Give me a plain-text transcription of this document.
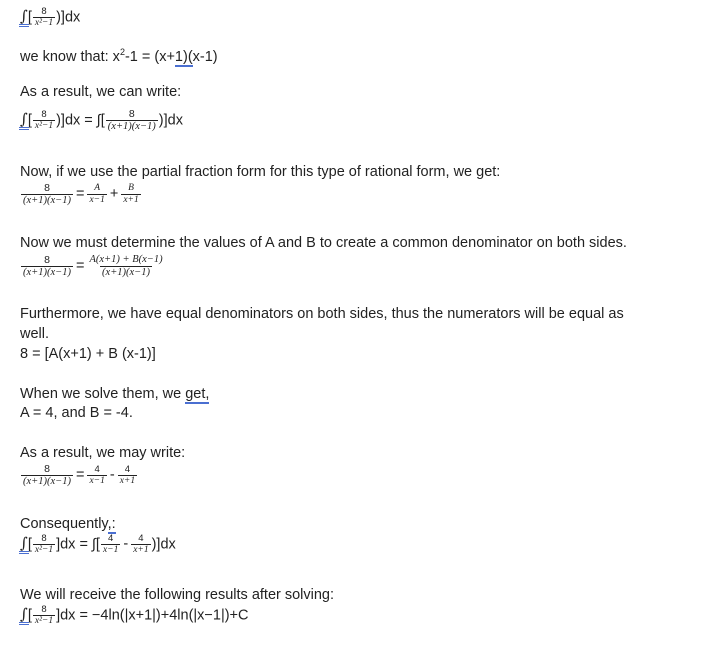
∫[ $\frac{8}{\text{x²−1}} )]dx$
we know that: $x^2-1 = (x+1)(x-1)$
As a result, we can write:
∫[ $\frac{8}{\text{x²−1}} )]dx$ = ∫[ $\frac{8}{(x+1)(x-1)} )]dx$
Now, if we use the partial fraction form for this type of rational form, we get:
$\frac{8}{(x+1)(x-1)} = \frac{A}{x-1} + \frac{B}{x+1}$
Now we must determine the values of A and B to create a common denominator on both sides.
$\frac{8}{(x+1)(x-1)} = \frac{A(x+1) + B(x-1)}{(x+1)(x-1)}$
Furthermore, we have equal denominators on both sides, thus the numerators will be equal as
well.
8 = [A(x+1) + B (x-1)]
When we solve them, we get,
A = 4, and B = -4.
As a result, we may write:
$\frac{8}{(x+1)(x-1)} = \frac{4}{x-1} - \frac{4}{x+1}$
Consequently,:
∫[ $\frac{8}{\text{x²−1}} ]dx$ = ∫[ $\frac{4}{x-1} - \frac{4}{x+1} )]dx$
We will receive the following results after solving:
∫[ $\frac{8}{\text{x²−1}} ]dx = -4\ln(|x+1|)+4\ln(|x-1|)+C$
